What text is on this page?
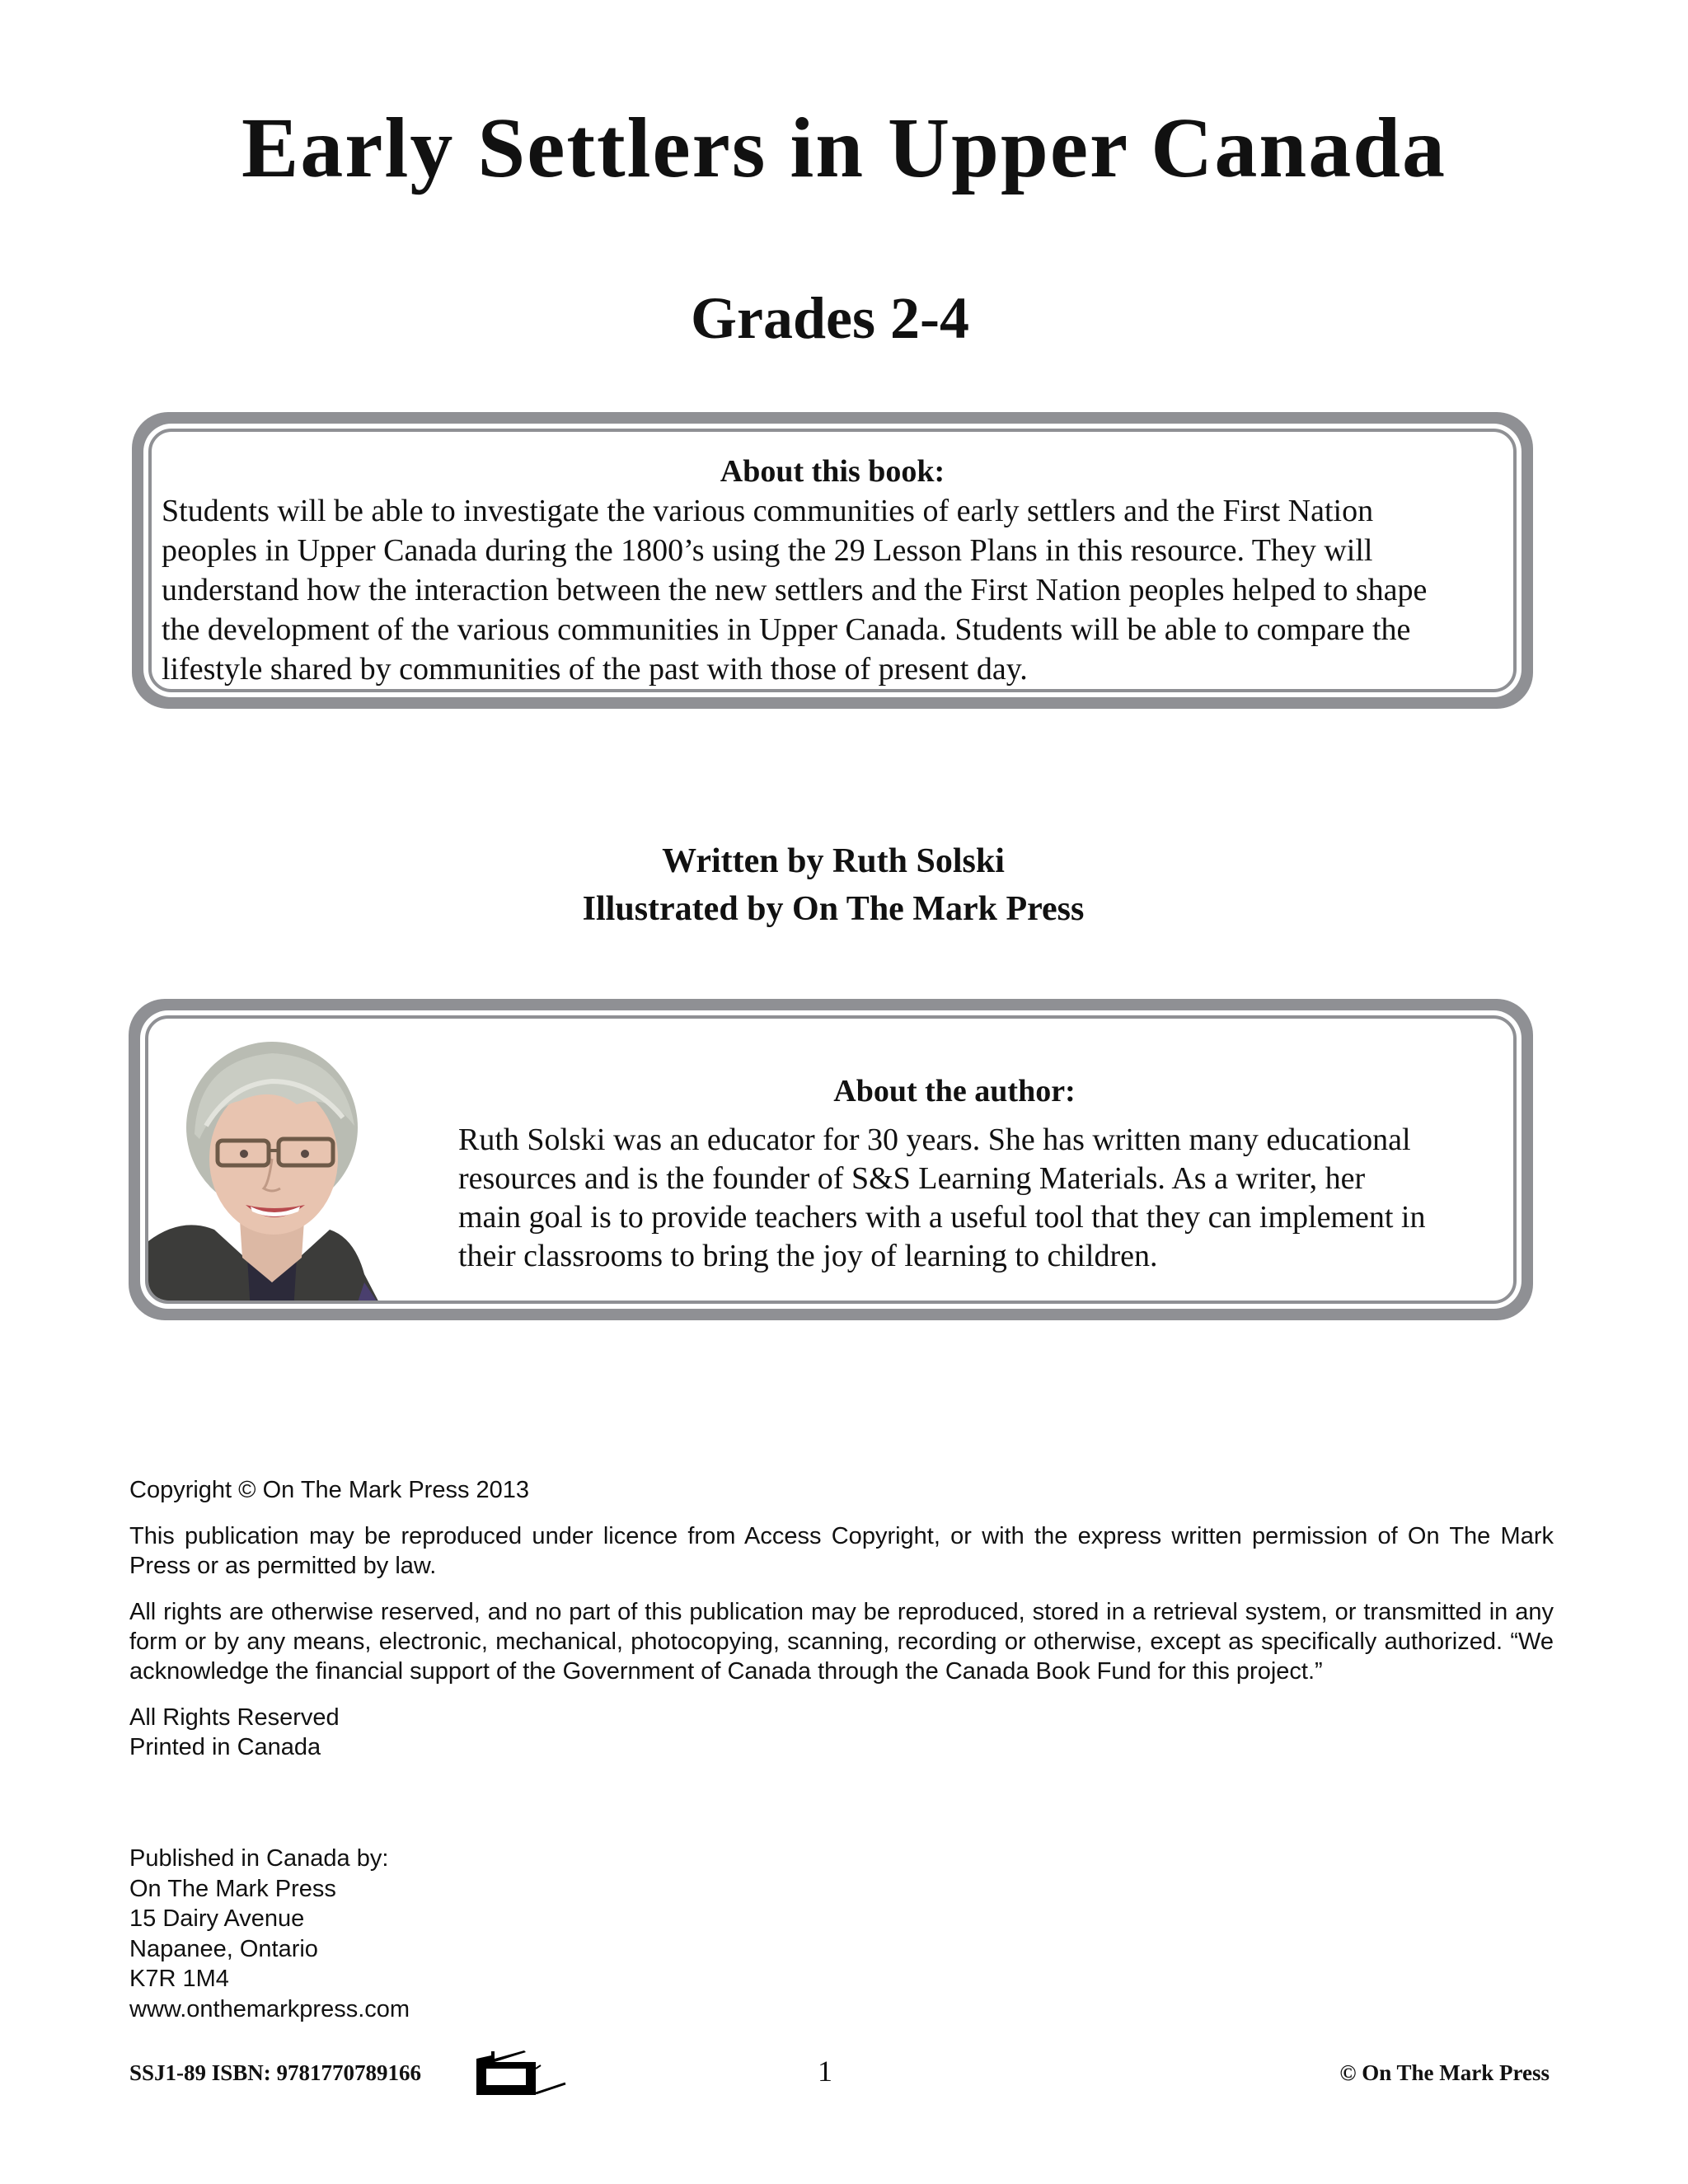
Early Settlers in Upper Canada
Grades 2-4
About this book:
Students will be able to investigate the various communities of early settlers and the First Nation
peoples in Upper Canada during the 1800’s using the 29 Lesson Plans in this resource. They will
understand how the interaction between the new settlers and the First Nation peoples helped to shape
the development of the various communities in Upper Canada. Students will be able to compare the
lifestyle shared by communities of the past with those of present day.
Written by Ruth Solski
Illustrated by On The Mark Press
About the author:
Ruth Solski was an educator for 30 years. She has written many educational
resources and is the founder of S&S Learning Materials. As a writer, her
main goal is to provide teachers with a useful tool that they can implement in
their classrooms to bring the joy of learning to children.

Copyright © On The Mark Press 2013

This publication may be reproduced under licence from Access Copyright, or with the express written permission of On The Mark Press or as permitted by law.

All rights are otherwise reserved, and no part of this publication may be reproduced, stored in a retrieval system, or transmitted in any form or by any means, electronic, mechanical, photocopying, scanning, recording or otherwise, except as specifically authorized. “We acknowledge the financial support of the Government of Canada through the Canada Book Fund for this project.”

All Rights Reserved
Printed in Canada

Published in Canada by:
On The Mark Press
15 Dairy Avenue
Napanee, Ontario
K7R 1M4
www.onthemarkpress.com
SSJ1-89 ISBN: 9781770789166	1	© On The Mark Press
